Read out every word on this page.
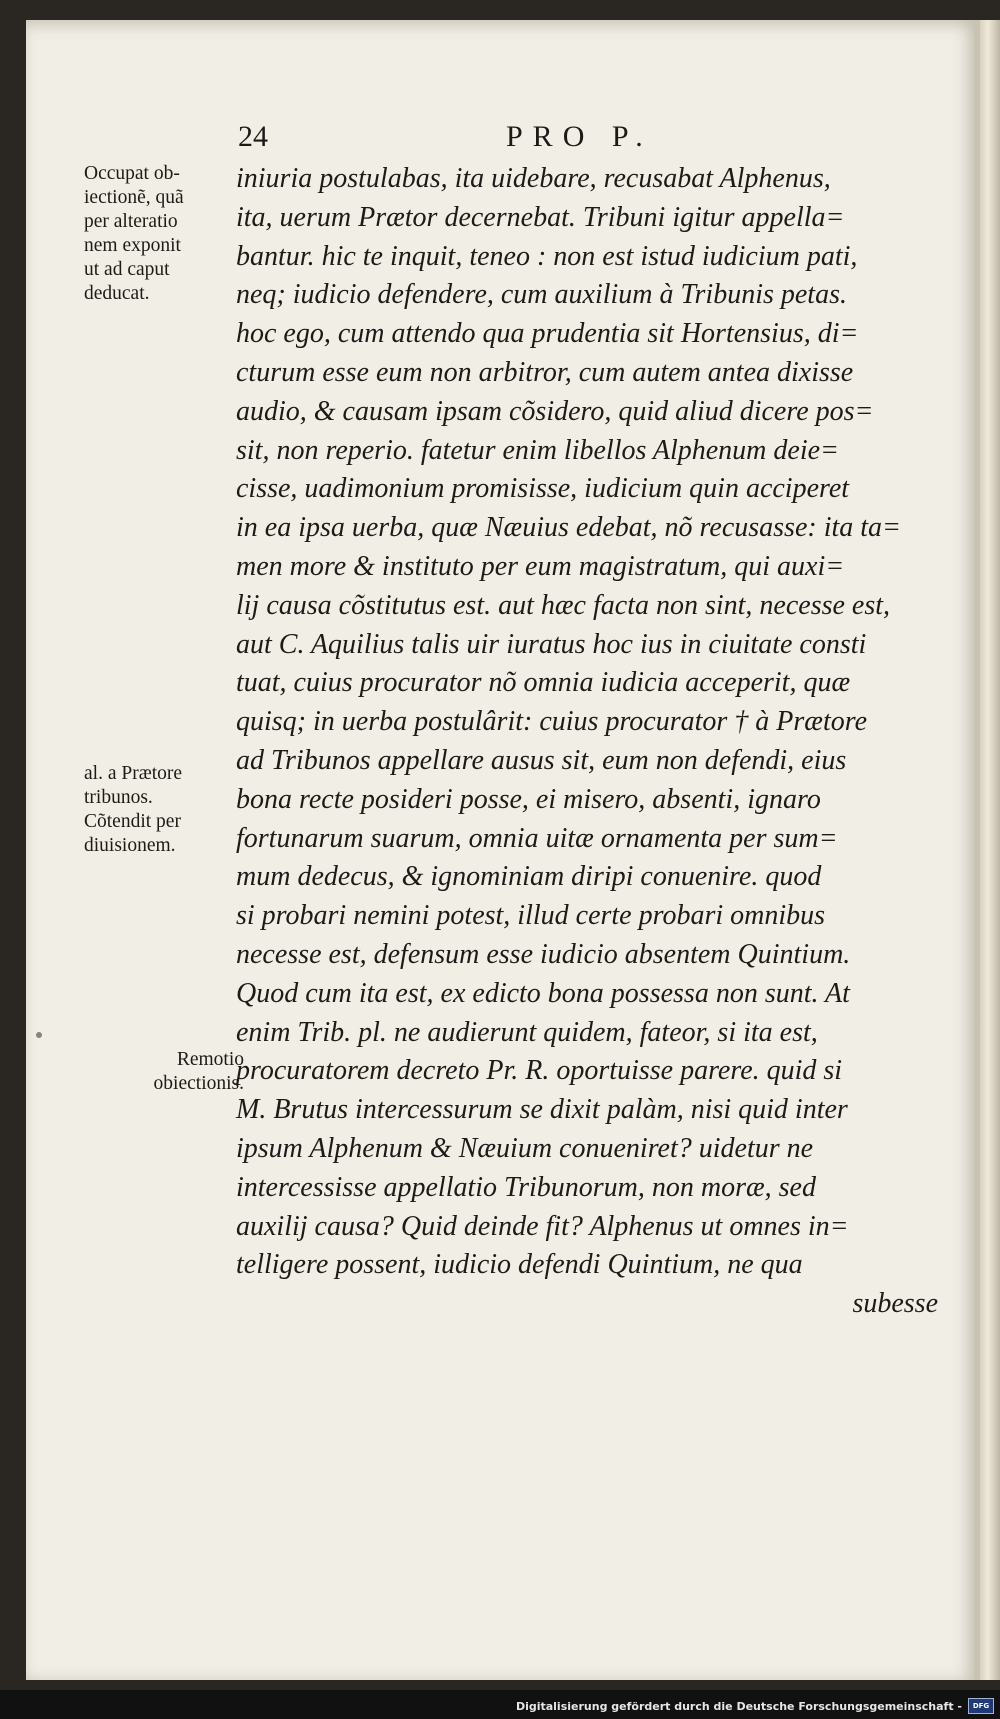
24	PRO P.
iniuria postulabas, ita uidebare, recusabat Alphenus,
ita, uerum Prætor decernebat. Tribuni igitur appella=
bantur. hic te inquit, teneo : non est istud iudicium pati,
neq; iudicio defendere, cum auxilium à Tribunis petas.
hoc ego, cum attendo qua prudentia sit Hortensius, di=
cturum esse eum non arbitror, cum autem antea dixisse
audio, & causam ipsam cõsidero, quid aliud dicere pos=
sit, non reperio. fatetur enim libellos Alphenum deie=
cisse, uadimonium promisisse, iudicium quin acciperet
in ea ipsa uerba, quæ Næuius edebat, nõ recusasse: ita ta=
men more & instituto per eum magistratum, qui auxi=
lij causa cõstitutus est. aut hæc facta non sint, necesse est,
aut C. Aquilius talis uir iuratus hoc ius in ciuitate consti
tuat, cuius procurator nõ omnia iudicia acceperit, quæ
quisq; in uerba postulârit: cuius procurator † à Prætore
ad Tribunos appellare ausus sit, eum non defendi, eius
bona recte posideri posse, ei misero, absenti, ignaro
fortunarum suarum, omnia uitæ ornamenta per sum=
mum dedecus, & ignominiam diripi conuenire. quod
si probari nemini potest, illud certe probari omnibus
necesse est, defensum esse iudicio absentem Quintium.
Quod cum ita est, ex edicto bona possessa non sunt. At
enim Trib. pl. ne audierunt quidem, fateor, si ita est,
procuratorem decreto Pr. R. oportuisse parere. quid si
M. Brutus intercessurum se dixit palàm, nisi quid inter
ipsum Alphenum & Næuium conueniret? uidetur ne
intercessisse appellatio Tribunorum, non moræ, sed
auxilij causa? Quid deinde fit? Alphenus ut omnes in=
telligere possent, iudicio defendi Quintium, ne qua
subesse
Occupat ob-
iectionẽ, quã
per alteratio
nem exponit
ut ad caput
deducat.
al. a Prætore
tribunos.
Cõtendit per
diuisionem.
Remotio
obiectionis.
Digitalisierung gefördert durch die Deutsche Forschungsgemeinschaft - DFG
